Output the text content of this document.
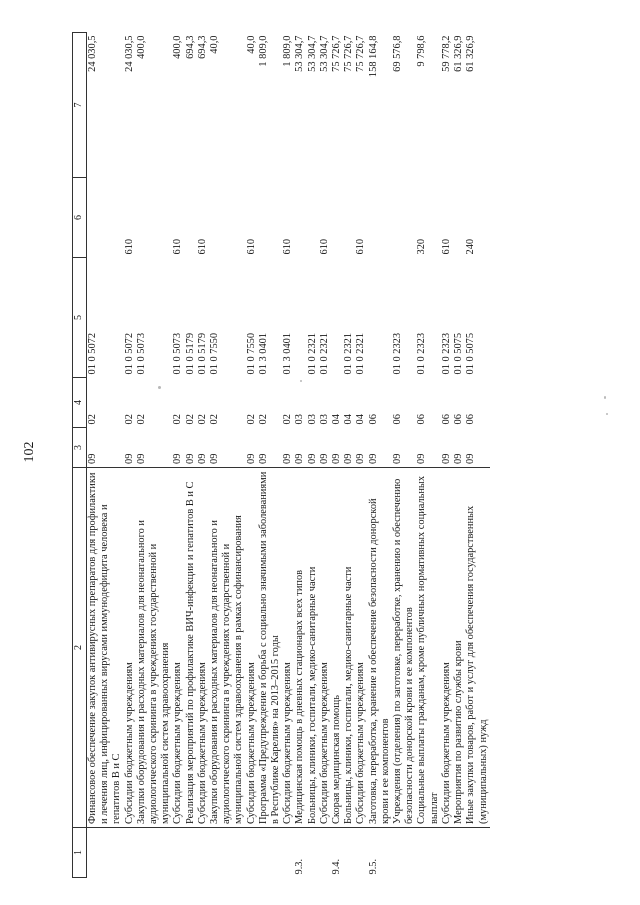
102
1	2	3	4	5	6	7
	Финансовое обеспечение закупок антивирусных препаратов для профилактики и лечения лиц, инфицированных вирусами иммунодефицита человека и гепатитов В и С	09	02	01 0 5072		24 030,5
	Субсидии бюджетным учреждениям	09	02	01 0 5072	610	24 030,5
	Закупки оборудования и расходных материалов для неонатального и аудиологического скрининга в учреждениях государственной и муниципальной систем здравоохранения	09	02	01 0 5073		400,0
	Субсидии бюджетным учреждениям	09	02	01 0 5073	610	400,0
	Реализация мероприятий по профилактике ВИЧ-инфекции и гепатитов В и С	09	02	01 0 5179		694,3
	Субсидии бюджетным учреждениям	09	02	01 0 5179	610	694,3
	Закупки оборудования и расходных материалов для неонатального и аудиологического скрининга в учреждениях государственной и муниципальной систем здравоохранения в рамках софинансирования	09	02	01 0 7550		40,0
	Субсидии бюджетным учреждениям	09	02	01 0 7550	610	40,0
	Программа «Предупреждение и борьба с социально значимыми заболеваниями в Республике Карелия» на 2013–2015 годы	09	02	01 3 0401		1 809,0
	Субсидии бюджетным учреждениям	09	02	01 3 0401	610	1 809,0
9.3.	Медицинская помощь в дневных стационарах всех типов	09	03			53 304,7
	Больницы, клиники, госпитали, медико-санитарные части	09	03	01 0 2321		53 304,7
	Субсидии бюджетным учреждениям	09	03	01 0 2321	610	53 304,7
9.4.	Скорая медицинская помощь	09	04			75 726,7
	Больницы, клиники, госпитали, медико-санитарные части	09	04	01 0 2321		75 726,7
	Субсидии бюджетным учреждениям	09	04	01 0 2321	610	75 726,7
9.5.	Заготовка, переработка, хранение и обеспечение безопасности донорской крови и ее компонентов	09	06			158 164,8
	Учреждения (отделения) по заготовке, переработке, хранению и обеспечению безопасности донорской крови и ее компонентов	09	06	01 0 2323		69 576,8
	Социальные выплаты гражданам, кроме публичных нормативных социальных выплат	09	06	01 0 2323	320	9 798,6
	Субсидии бюджетным учреждениям	09	06	01 0 2323	610	59 778,2
	Мероприятия по развитию службы крови	09	06	01 0 5075		61 326,9
	Иные закупки товаров, работ и услуг для обеспечения государственных (муниципальных) нужд	09	06	01 0 5075	240	61 326,9
